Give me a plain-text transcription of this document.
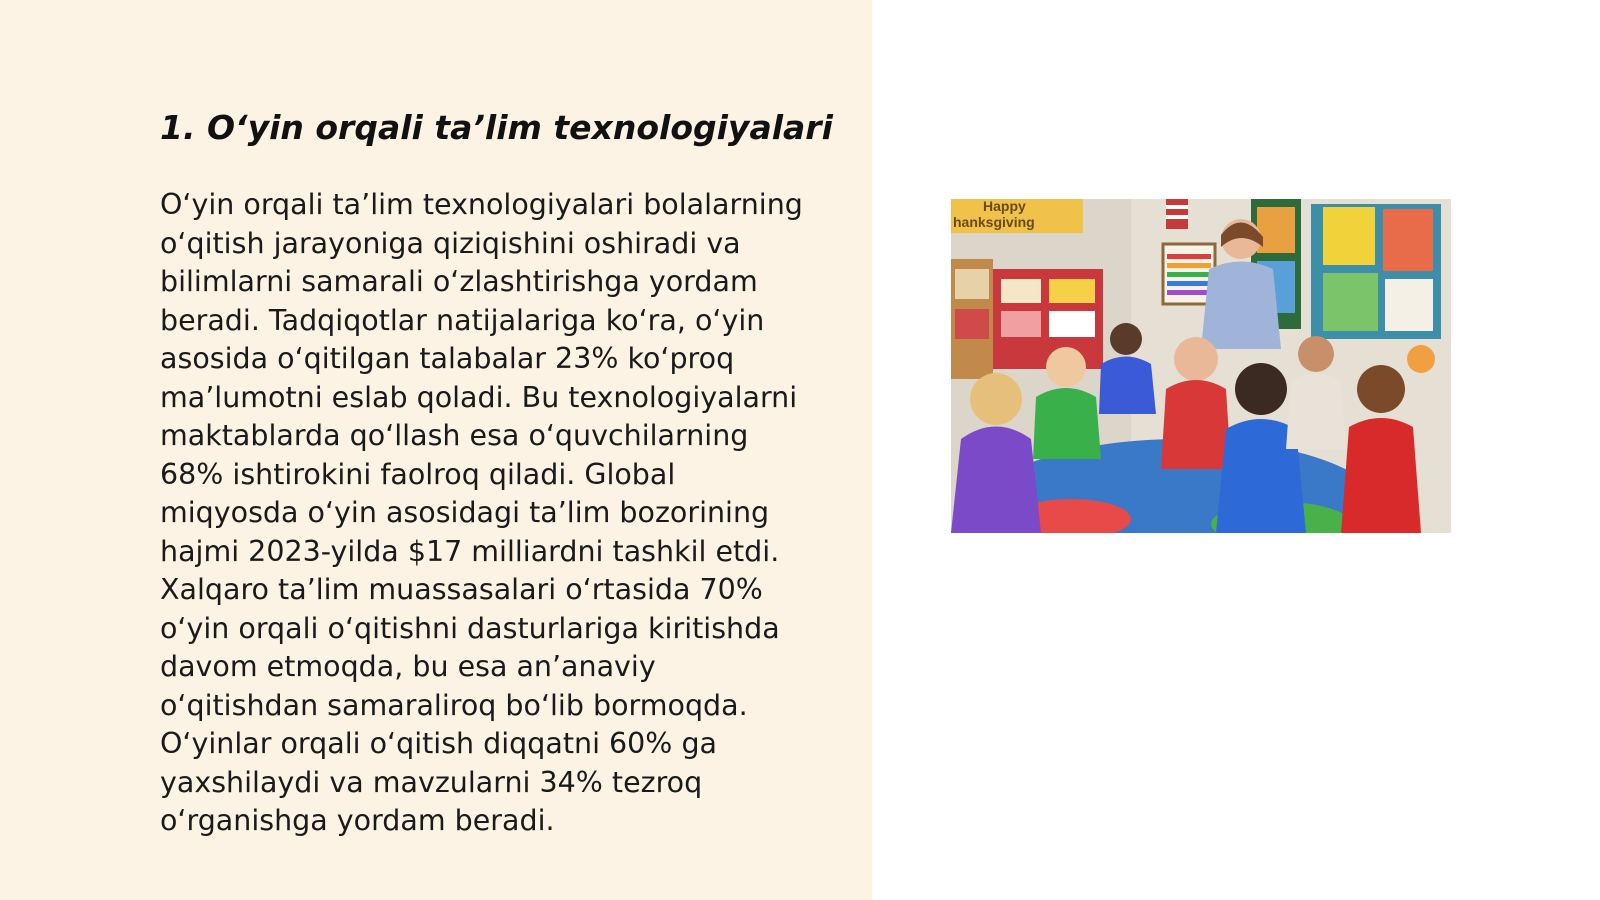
1. O‘yin orqali ta’lim texnologiyalari

O‘yin orqali ta’lim texnologiyalari bolalarning
o‘qitish jarayoniga qiziqishini oshiradi va
bilimlarni samarali o‘zlashtirishga yordam
beradi. Tadqiqotlar natijalariga ko‘ra, o‘yin
asosida o‘qitilgan talabalar 23% ko‘proq
ma’lumotni eslab qoladi. Bu texnologiyalarni
maktablarda qo‘llash esa o‘quvchilarning
68% ishtirokini faolroq qiladi. Global
miqyosda o‘yin asosidagi ta’lim bozorining
hajmi 2023-yilda $17 milliardni tashkil etdi.
Xalqaro ta’lim muassasalari o‘rtasida 70%
o‘yin orqali o‘qitishni dasturlariga kiritishda
davom etmoqda, bu esa an’anaviy
o‘qitishdan samaraliroq bo‘lib bormoqda.
O‘yinlar orqali o‘qitish diqqatni 60% ga
yaxshilaydi va mavzularni 34% tezroq
o‘rganishga yordam beradi.

Happy
hanksgiving
